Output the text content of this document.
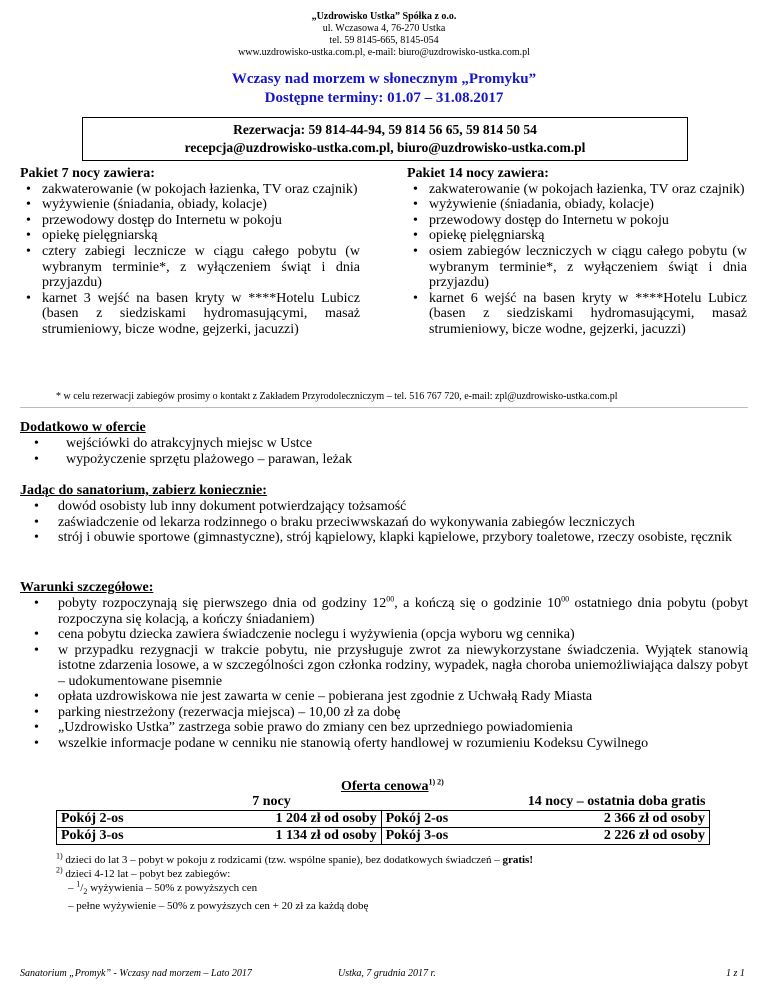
„Uzdrowisko Ustka” Spółka z o.o.
ul. Wczasowa 4, 76-270 Ustka
tel. 59 8145-665, 8145-054
www.uzdrowisko-ustka.com.pl, e-mail: biuro@uzdrowisko-ustka.com.pl
Wczasy nad morzem w słonecznym „Promyku”
Dostępne terminy: 01.07 – 31.08.2017
Rezerwacja: 59 814-44-94, 59 814 56 65, 59 814 50 54
recepcja@uzdrowisko-ustka.com.pl, biuro@uzdrowisko-ustka.com.pl
Pakiet 7 nocy zawiera:
• zakwaterowanie (w pokojach łazienka, TV oraz czajnik)
• wyżywienie (śniadania, obiady, kolacje)
• przewodowy dostęp do Internetu w pokoju
• opiekę pielęgniarską
• cztery zabiegi lecznicze w ciągu całego pobytu (w wybranym terminie*, z wyłączeniem świąt i dnia przyjazdu)
• karnet 3 wejść na basen kryty w ****Hotelu Lubicz (basen z siedziskami hydromasującymi, masaż strumieniowy, bicze wodne, gejzerki, jacuzzi)
Pakiet 14 nocy zawiera:
• zakwaterowanie (w pokojach łazienka, TV oraz czajnik)
• wyżywienie (śniadania, obiady, kolacje)
• przewodowy dostęp do Internetu w pokoju
• opiekę pielęgniarską
• osiem zabiegów leczniczych w ciągu całego pobytu (w wybranym terminie*, z wyłączeniem świąt i dnia przyjazdu)
• karnet 6 wejść na basen kryty w ****Hotelu Lubicz (basen z siedziskami hydromasującymi, masaż strumieniowy, bicze wodne, gejzerki, jacuzzi)
* w celu rezerwacji zabiegów prosimy o kontakt z Zakładem Przyrodoleczniczym – tel. 516 767 720, e-mail: zpl@uzdrowisko-ustka.com.pl
Dodatkowo w ofercie
• wejściówki do atrakcyjnych miejsc w Ustce
• wypożyczenie sprzętu plażowego – parawan, leżak
Jadąc do sanatorium, zabierz koniecznie:
• dowód osobisty lub inny dokument potwierdzający tożsamość
• zaświadczenie od lekarza rodzinnego o braku przeciwwskazań do wykonywania zabiegów leczniczych
• strój i obuwie sportowe (gimnastyczne), strój kąpielowy, klapki kąpielowe, przybory toaletowe, rzeczy osobiste, ręcznik
Warunki szczegółowe:
• pobyty rozpoczynają się pierwszego dnia od godziny $12^{00}$, a kończą się o godzinie $10^{00}$ ostatniego dnia pobytu (pobyt rozpoczyna się kolacją, a kończy śniadaniem)
• cena pobytu dziecka zawiera świadczenie noclegu i wyżywienia (opcja wyboru wg cennika)
• w przypadku rezygnacji w trakcie pobytu, nie przysługuje zwrot za niewykorzystane świadczenia. Wyjątek stanowią istotne zdarzenia losowe, a w szczególności zgon członka rodziny, wypadek, nagła choroba uniemożliwiająca dalszy pobyt – udokumentowane pisemnie
• opłata uzdrowiskowa nie jest zawarta w cenie – pobierana jest zgodnie z Uchwałą Rady Miasta
• parking niestrzeżony (rezerwacja miejsca) – 10,00 zł za dobę
• „Uzdrowisko Ustka” zastrzega sobie prawo do zmiany cen bez uprzedniego powiadomienia
• wszelkie informacje podane w cenniku nie stanowią oferty handlowej w rozumieniu Kodeksu Cywilnego
Oferta cenowa$^{1) 2)}$
	7 nocy	14 nocy – ostatnia doba gratis	
Pokój 2-os	1 204 zł od osoby	Pokój 2-os	2 366 zł od osoby
Pokój 3-os	1 134 zł od osoby	Pokój 3-os	2 226 zł od osoby
$^{1)}$ dzieci do lat 3 – pobyt w pokoju z rodzicami (tzw. wspólne spanie), bez dodatkowych świadczeń – gratis!
$^{2)}$ dzieci 4-12 lat – pobyt bez zabiegów:
– $^1/_2$ wyżywienia – 50% z powyższych cen
– pełne wyżywienie – 50% z powyższych cen + 20 zł za każdą dobę
Sanatorium „Promyk” - Wczasy nad morzem – Lato 2017	Ustka, 7 grudnia 2017 r.	1 z 1
